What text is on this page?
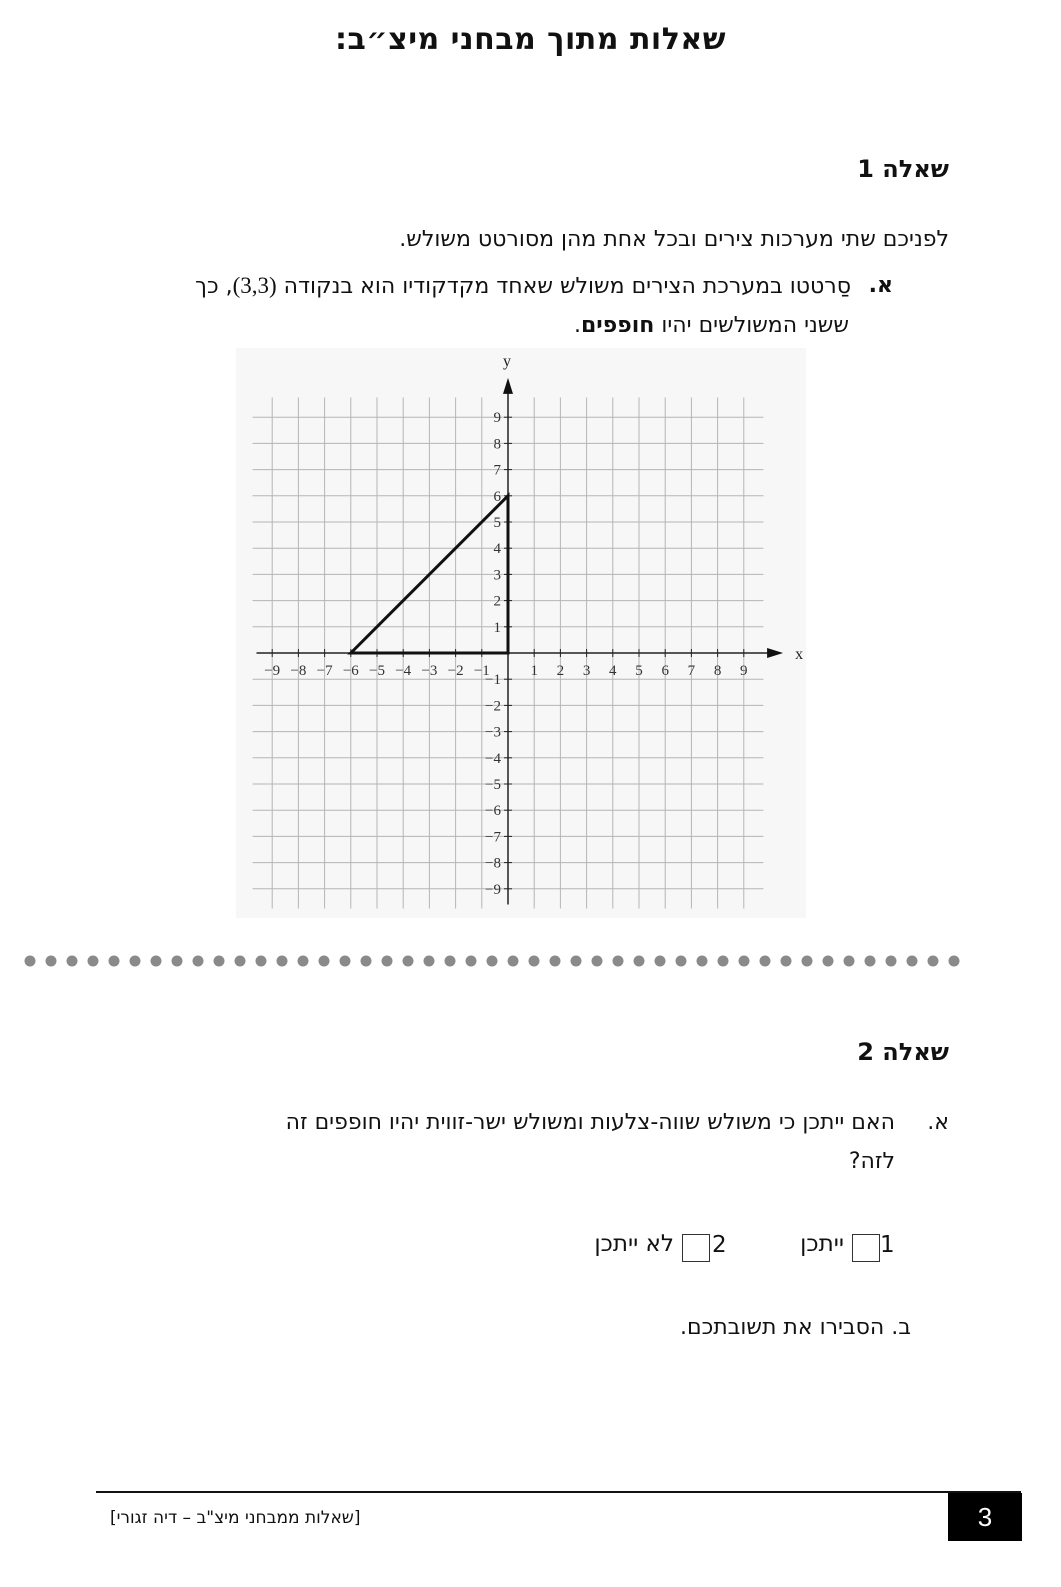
שאלות מתוך מבחני מיצ״ב:
שאלה 1
לפניכם שתי מערכות צירים ובכל אחת מהן מסורטט משולש.
א.
סַרטטו במערכת הצירים משולש שאחד מקדקודיו הוא בנקודה (3,3), כך
ששני המשולשים יהיו חופפים.
x
y
−9 −8 −7 −6 −5 −4 −3 −2 −1	1 2 3 4 5 6 7 8 9
−9
−8
−7
−6
−5
−4
−3
−2
−1
1
2
3
4
5
6
7
8
9
שאלה 2
א.
האם ייתכן כי משולש שווה-צלעות ומשולש ישר-זווית יהיו חופפים זה
לזה?
1
ייתכן
2
לא ייתכן
ב. הסבירו את תשובתכם.
[שאלות ממבחני מיצ"ב – דיה זגורי]	3
